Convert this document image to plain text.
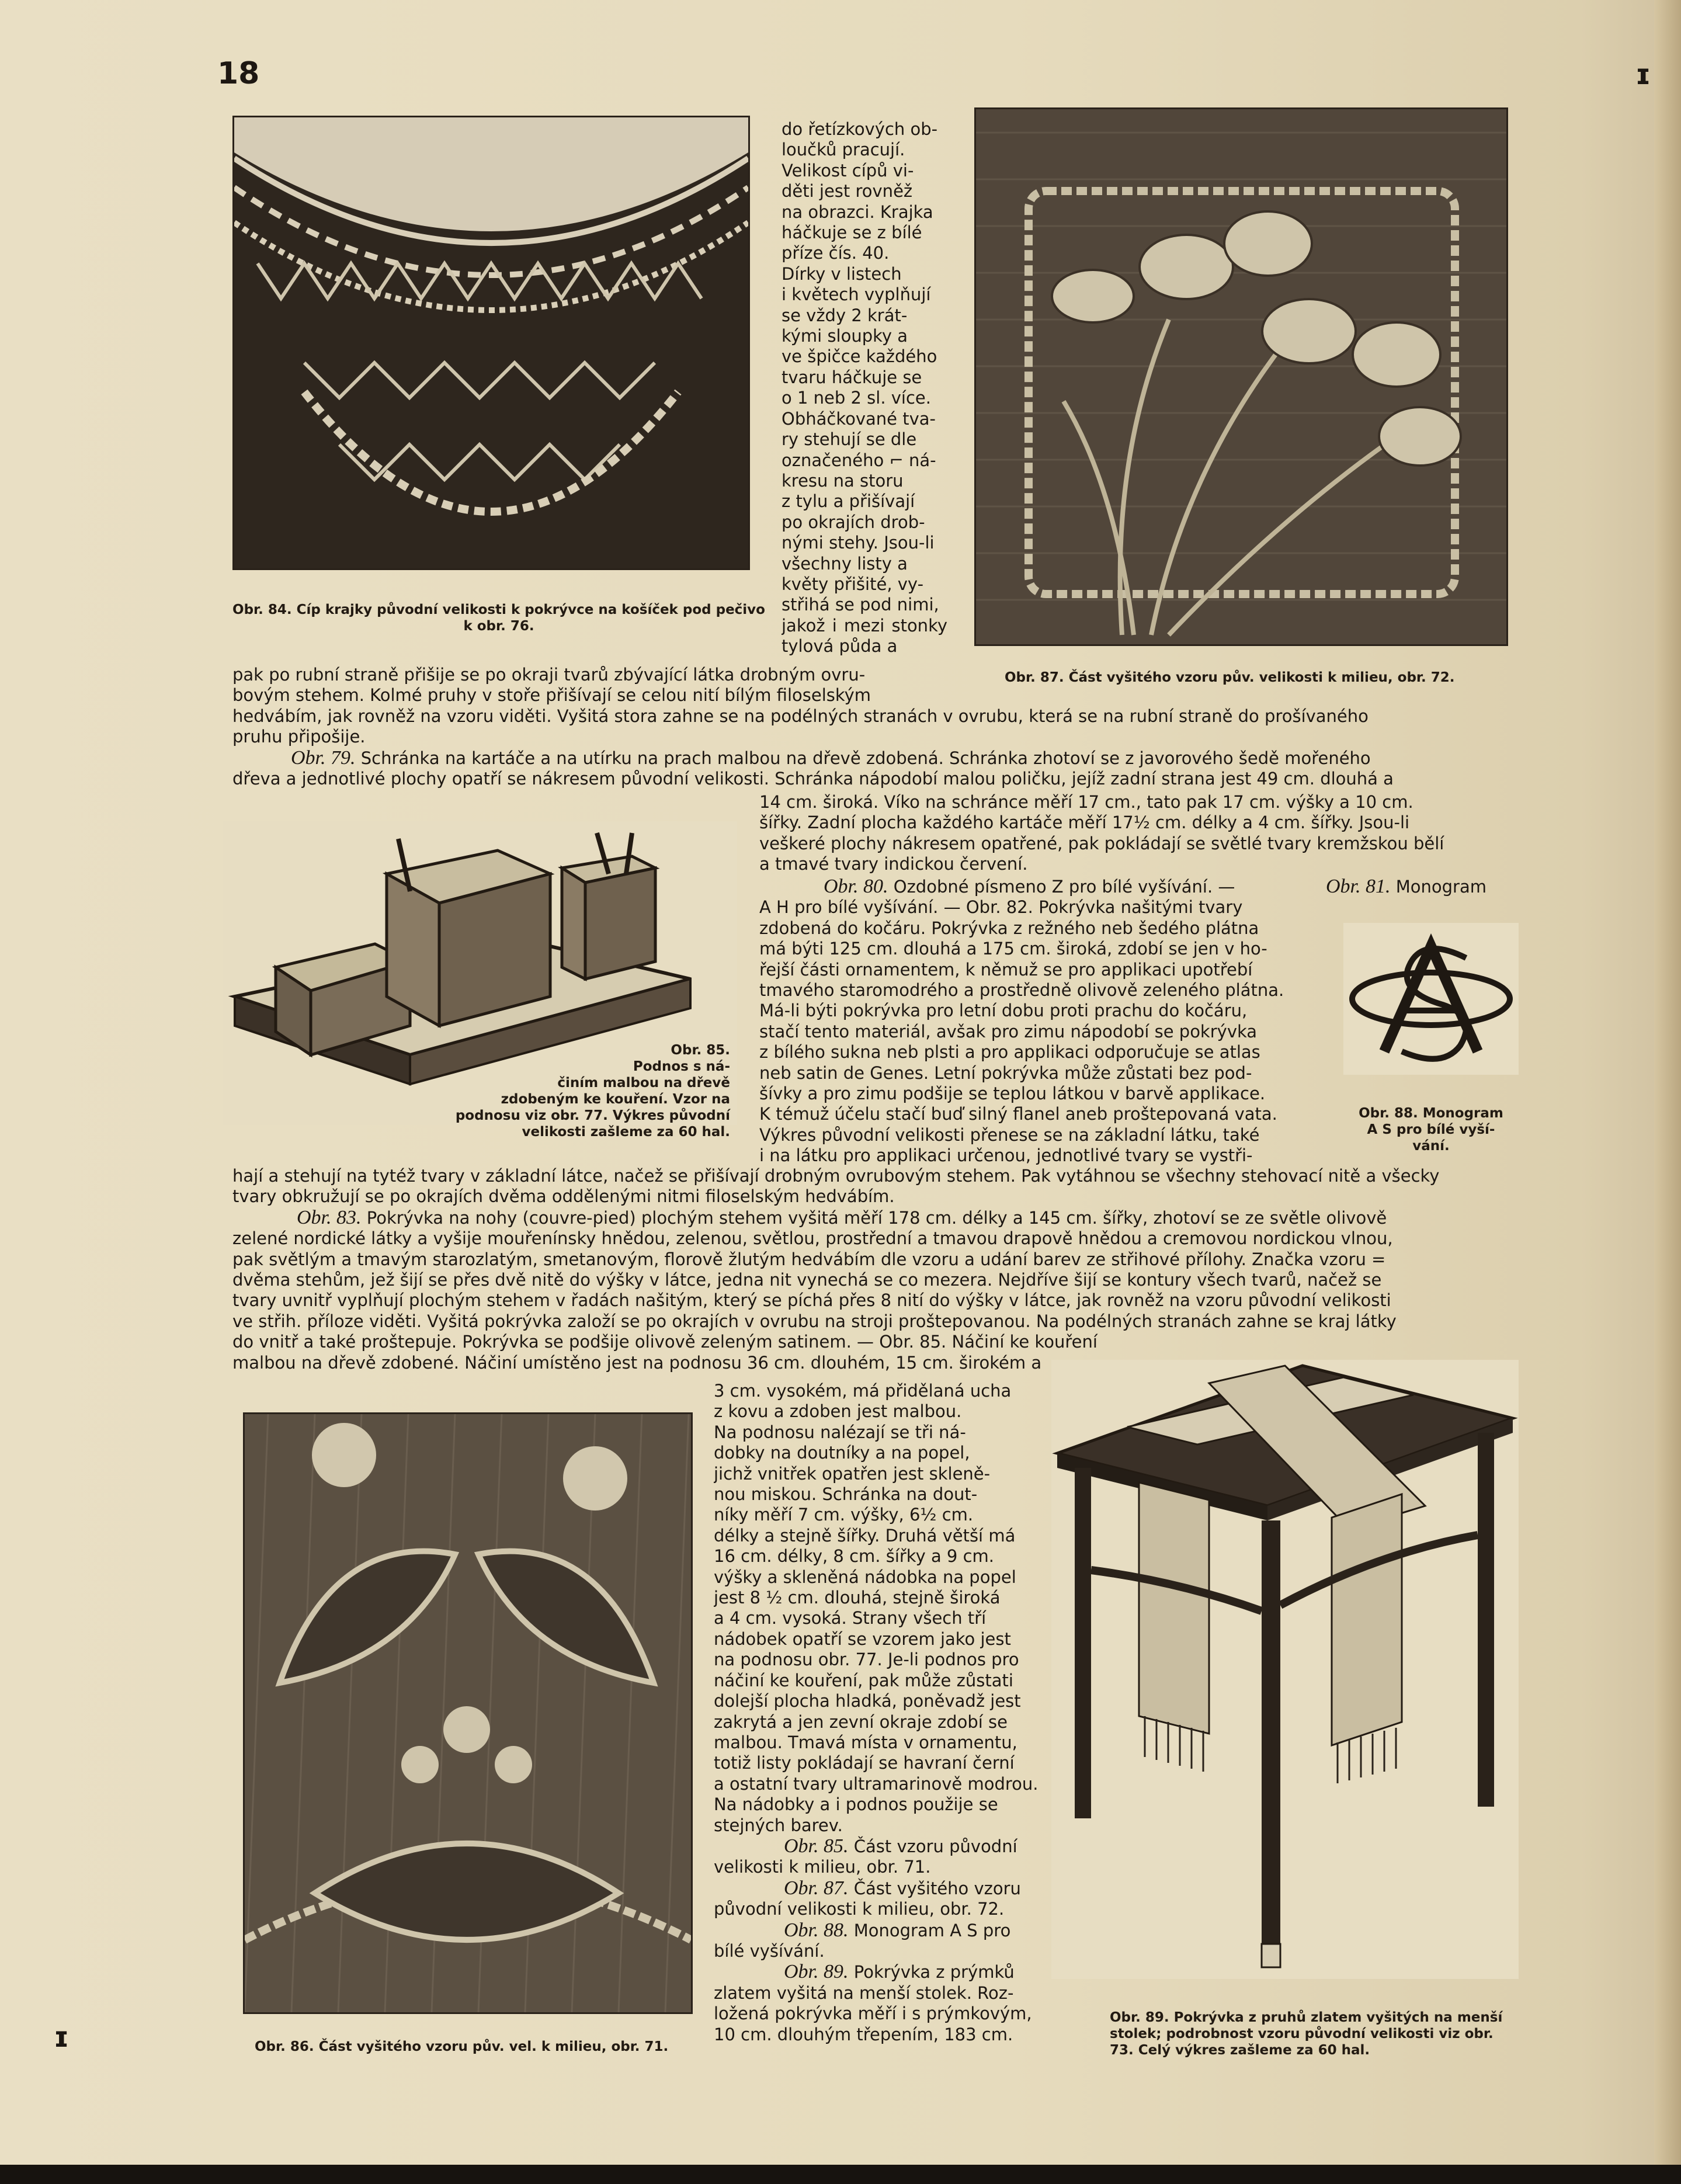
18	ɪ
ɪ
Obr. 84. Cíp krajky původní velikosti k pokrývce na košíček pod pečivo k obr. 76.
Obr. 87. Část vyšitého vzoru pův. velikosti k milieu, obr. 72.
do řetízkových ob-
loučků pracují.
Velikost cípů vi-
děti jest rovněž
na obrazci. Krajka
háčkuje se z bílé
příze čís. 40.
Dírky v listech
i květech vyplňují
se vždy 2 krát-
kými sloupky a
ve špičce každého
tvaru háčkuje se
o 1 neb 2 sl. více.
Obháčkované tva-
ry stehují se dle
označeného ⌐ ná-
kresu na storu
z tylu a přišívají
po okrajích drob-
nými stehy. Jsou-li
všechny listy a
květy přišité, vy-
střihá se pod nimi,
jakož i mezi stonky tylová půda a
pak po rubní straně přišije se po okraji tvarů zbývající látka drobným ovru-
bovým stehem. Kolmé pruhy v stoře přišívají se celou nití bílým filoselským
hedvábím, jak rovněž na vzoru viděti. Vyšitá stora zahne se na podélných stranách v ovrubu, která se na rubní straně do prošívaného
pruhu připošije.
Obr. 79. Schránka na kartáče a na utírku na prach malbou na dřevě zdobená. Schránka zhotoví se z javorového šedě mořeného
dřeva a jednotlivé plochy opatří se nákresem původní velikosti. Schránka nápodobí malou poličku, jejíž zadní strana jest 49 cm. dlouhá a
Obr. 85.
Podnos s ná-
činím malbou na dřevě
zdobeným ke kouření. Vzor na
podnosu viz obr. 77. Výkres původní
velikosti zašleme za 60 hal.
14 cm. široká. Víko na schránce měří 17 cm., tato pak 17 cm. výšky a 10 cm.
šířky. Zadní plocha každého kartáče měří 17½ cm. délky a 4 cm. šířky. Jsou-li
veškeré plochy nákresem opatřené, pak pokládají se světlé tvary kremžskou bělí
a tmavé tvary indickou červení.
Obr. 80. Ozdobné písmeno Z pro bílé vyšívání. —
A H pro bílé vyšívání. — Obr. 82. Pokrývka našitými tvary
zdobená do kočáru. Pokrývka z režného neb šedého plátna
má býti 125 cm. dlouhá a 175 cm. široká, zdobí se jen v ho-
řejší části ornamentem, k němuž se pro applikaci upotřebí
tmavého staromodrého a prostředně olivově zeleného plátna.
Má-li býti pokrývka pro letní dobu proti prachu do kočáru,
stačí tento materiál, avšak pro zimu nápodobí se pokrývka
z bílého sukna neb plsti a pro applikaci odporučuje se atlas
neb satin de Genes. Letní pokrývka může zůstati bez pod-
šívky a pro zimu podšije se teplou látkou v barvě applikace.
K témuž účelu stačí buď silný flanel aneb proštepovaná vata.
Výkres původní velikosti přenese se na základní látku, také
i na látku pro applikaci určenou, jednotlivé tvary se vystři-
Obr. 81. Monogram
Obr. 88. Monogram
A S pro bílé vyší-
vání.
hají a stehují na tytéž tvary v základní látce, načež se přišívají drobným ovrubovým stehem. Pak vytáhnou se všechny stehovací nitě a všecky
tvary obkružují se po okrajích dvěma oddělenými nitmi filoselským hedvábím.
Obr. 83. Pokrývka na nohy (couvre-pied) plochým stehem vyšitá měří 178 cm. délky a 145 cm. šířky, zhotoví se ze světle olivově
zelené nordické látky a vyšije mouřenínsky hnědou, zelenou, světlou, prostřední a tmavou drapově hnědou a cremovou nordickou vlnou,
pak světlým a tmavým starozlatým, smetanovým, florově žlutým hedvábím dle vzoru a udání barev ze střihové přílohy. Značka vzoru =
dvěma stehům, jež šijí se přes dvě nitě do výšky v látce, jedna nit vynechá se co mezera. Nejdříve šijí se kontury všech tvarů, načež se
tvary uvnitř vyplňují plochým stehem v řadách našitým, který se píchá přes 8 nití do výšky v látce, jak rovněž na vzoru původní velikosti
ve střih. příloze viděti. Vyšitá pokrývka založí se po okrajích v ovrubu na stroji proštepovanou. Na podélných stranách zahne se kraj látky
do vnitř a také proštepuje. Pokrývka se podšije olivově zeleným satinem. — Obr. 85. Náčiní ke kouření
malbou na dřevě zdobené. Náčiní umístěno jest na podnosu 36 cm. dlouhém, 15 cm. širokém a
Obr. 86. Část vyšitého vzoru pův. vel. k milieu, obr. 71.
3 cm. vysokém, má přidělaná ucha
z kovu a zdoben jest malbou.
Na podnosu nalézají se tři ná-
dobky na doutníky a na popel,
jichž vnitřek opatřen jest skleně-
nou miskou. Schránka na dout-
níky měří 7 cm. výšky, 6½ cm.
délky a stejně šířky. Druhá větší má
16 cm. délky, 8 cm. šířky a 9 cm.
výšky a skleněná nádobka na popel
jest 8 ½ cm. dlouhá, stejně široká
a 4 cm. vysoká. Strany všech tří
nádobek opatří se vzorem jako jest
na podnosu obr. 77. Je-li podnos pro
náčiní ke kouření, pak může zůstati
dolejší plocha hladká, poněvadž jest
zakrytá a jen zevní okraje zdobí se
malbou. Tmavá místa v ornamentu,
totiž listy pokládají se havraní černí
a ostatní tvary ultramarinově modrou.
Na nádobky a i podnos použije se
stejných barev.
Obr. 85. Část vzoru původní
velikosti k milieu, obr. 71.
Obr. 87. Část vyšitého vzoru
původní velikosti k milieu, obr. 72.
Obr. 88. Monogram A S pro
bílé vyšívání.
Obr. 89. Pokrývka z prýmků
zlatem vyšitá na menší stolek. Roz-
ložená pokrývka měří i s prýmkovým,
10 cm. dlouhým třepením, 183 cm.
Obr. 89. Pokrývka z pruhů zlatem vyšitých na menší
stolek; podrobnost vzoru původní velikosti viz obr.
73. Celý výkres zašleme za 60 hal.
